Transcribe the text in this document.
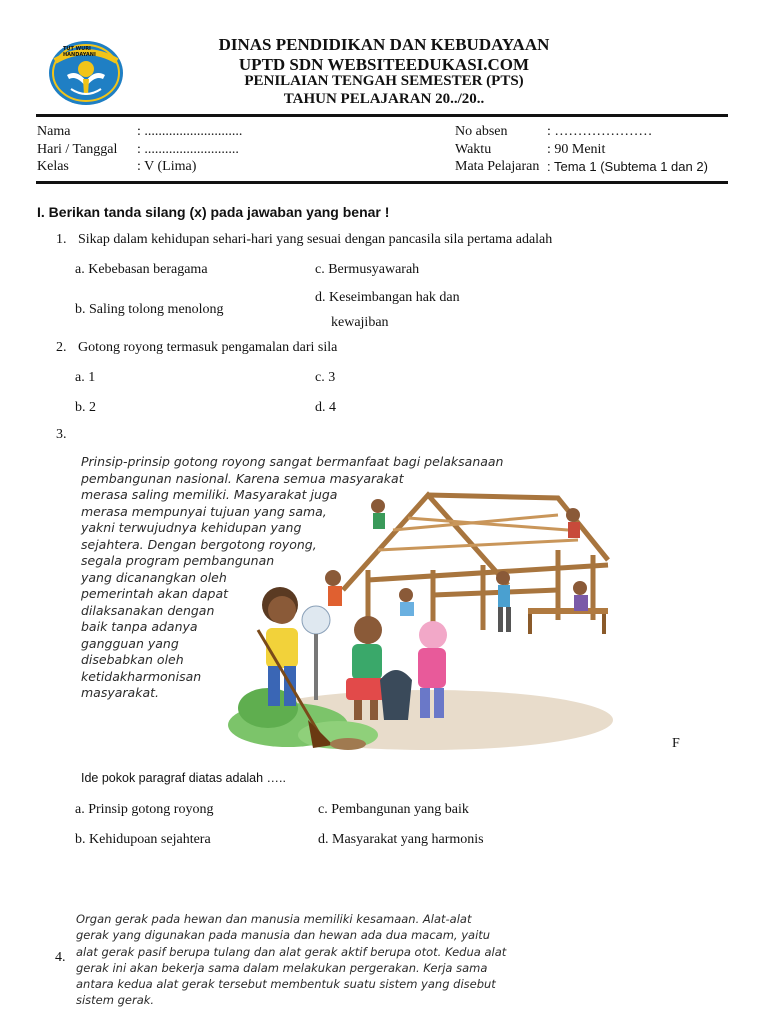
TUT WURI HANDAYANI
DINAS PENDIDIKAN DAN KEBUDAYAAN
UPTD SDN WEBSITEEDUKASI.COM
PENILAIAN TENGAH SEMESTER (PTS)
TAHUN PELAJARAN 20../20..
Nama	: ............................
Hari / Tanggal : ...........................
Kelas	: V (Lima)
No absen	: …………………
Waktu	: 90 Menit
Mata Pelajaran : Tema 1 (Subtema 1 dan 2)
I. Berikan tanda silang (x) pada jawaban yang benar !
1. Sikap dalam kehidupan sehari-hari yang sesuai dengan pancasila sila pertama adalah
a. Kebebasan beragama	c. Bermusyawarah
b. Saling tolong menolong
d. Keseimbangan hak dan
kewajiban
2. Gotong royong termasuk pengamalan dari sila
a. 1	c. 3
b. 2	d. 4
3.
Prinsip-prinsip gotong royong sangat bermanfaat bagi pelaksanaan
pembangunan nasional. Karena semua masyarakat
merasa saling memiliki. Masyarakat juga
merasa mempunyai tujuan yang sama,
yakni terwujudnya kehidupan yang
sejahtera. Dengan bergotong royong,
segala program pembangunan
yang dicanangkan oleh
pemerintah akan dapat
dilaksanakan dengan
baik tanpa adanya
gangguan yang
disebabkan oleh
ketidakharmonisan
masyarakat.
F
Ide pokok paragraf diatas adalah …..
a. Prinsip gotong royong	c. Pembangunan yang baik
b. Kehidupoan sejahtera	d. Masyarakat yang harmonis
4.
Organ gerak pada hewan dan manusia memiliki kesamaan. Alat-alat
gerak yang digunakan pada manusia dan hewan ada dua macam, yaitu
alat gerak pasif berupa tulang dan alat gerak aktif berupa otot. Kedua alat
gerak ini akan bekerja sama dalam melakukan pergerakan. Kerja sama
antara kedua alat gerak tersebut membentuk suatu sistem yang disebut
sistem gerak.
